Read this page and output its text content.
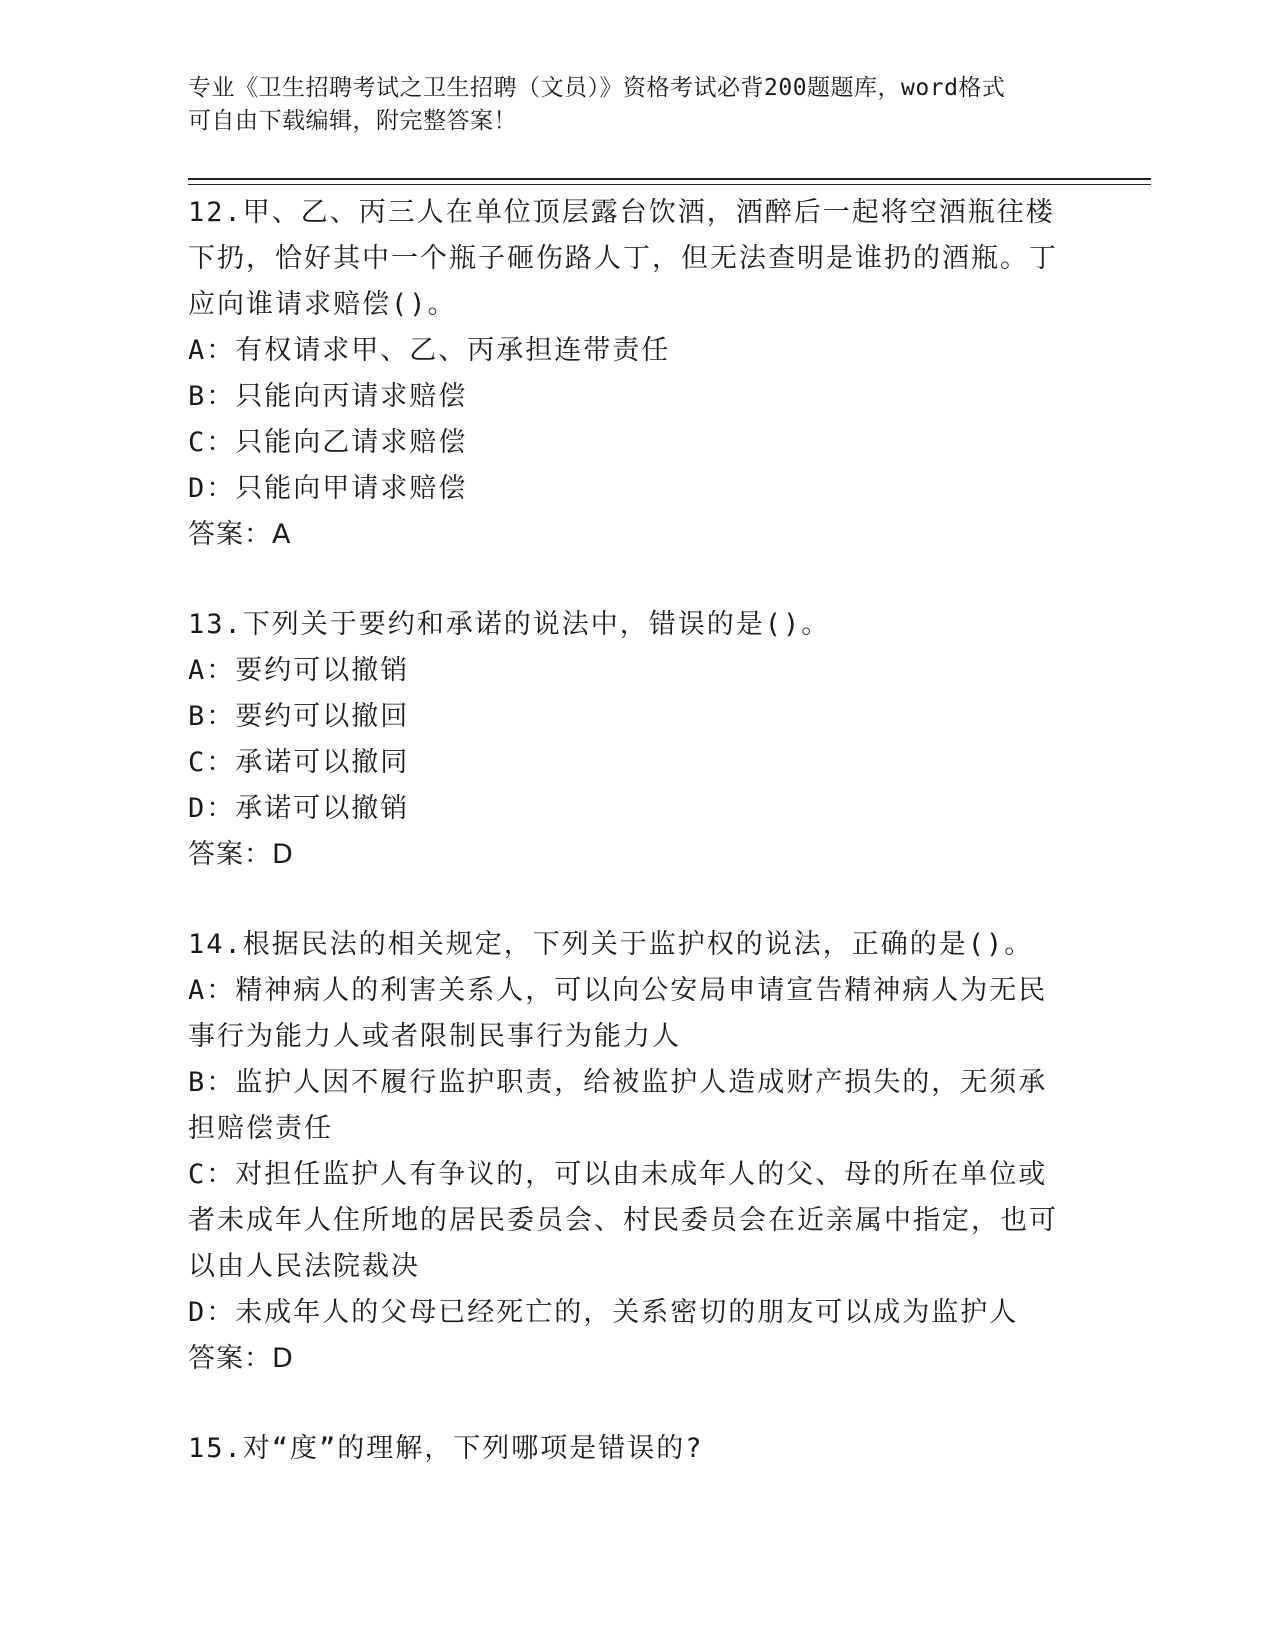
专业《卫生招聘考试之卫生招聘（文员）》资格考试必背200题题库，word格式
可自由下载编辑，附完整答案！

12.甲、乙、丙三人在单位顶层露台饮酒，酒醉后一起将空酒瓶往楼下扔，恰好其中一个瓶子砸伤路人丁，但无法查明是谁扔的酒瓶。丁应向谁请求赔偿()。

A：有权请求甲、乙、丙承担连带责任

B：只能向丙请求赔偿

C：只能向乙请求赔偿

D：只能向甲请求赔偿

答案：A

13.下列关于要约和承诺的说法中，错误的是()。

A：要约可以撤销

B：要约可以撤回

C：承诺可以撤同

D：承诺可以撤销

答案：D

14.根据民法的相关规定，下列关于监护权的说法，正确的是()。

A：精神病人的利害关系人，可以向公安局申请宣告精神病人为无民事行为能力人或者限制民事行为能力人

B：监护人因不履行监护职责，给被监护人造成财产损失的，无须承担赔偿责任

C：对担任监护人有争议的，可以由未成年人的父、母的所在单位或者未成年人住所地的居民委员会、村民委员会在近亲属中指定，也可以由人民法院裁决

D：未成年人的父母已经死亡的，关系密切的朋友可以成为监护人

答案：D

15.对“度”的理解，下列哪项是错误的?
